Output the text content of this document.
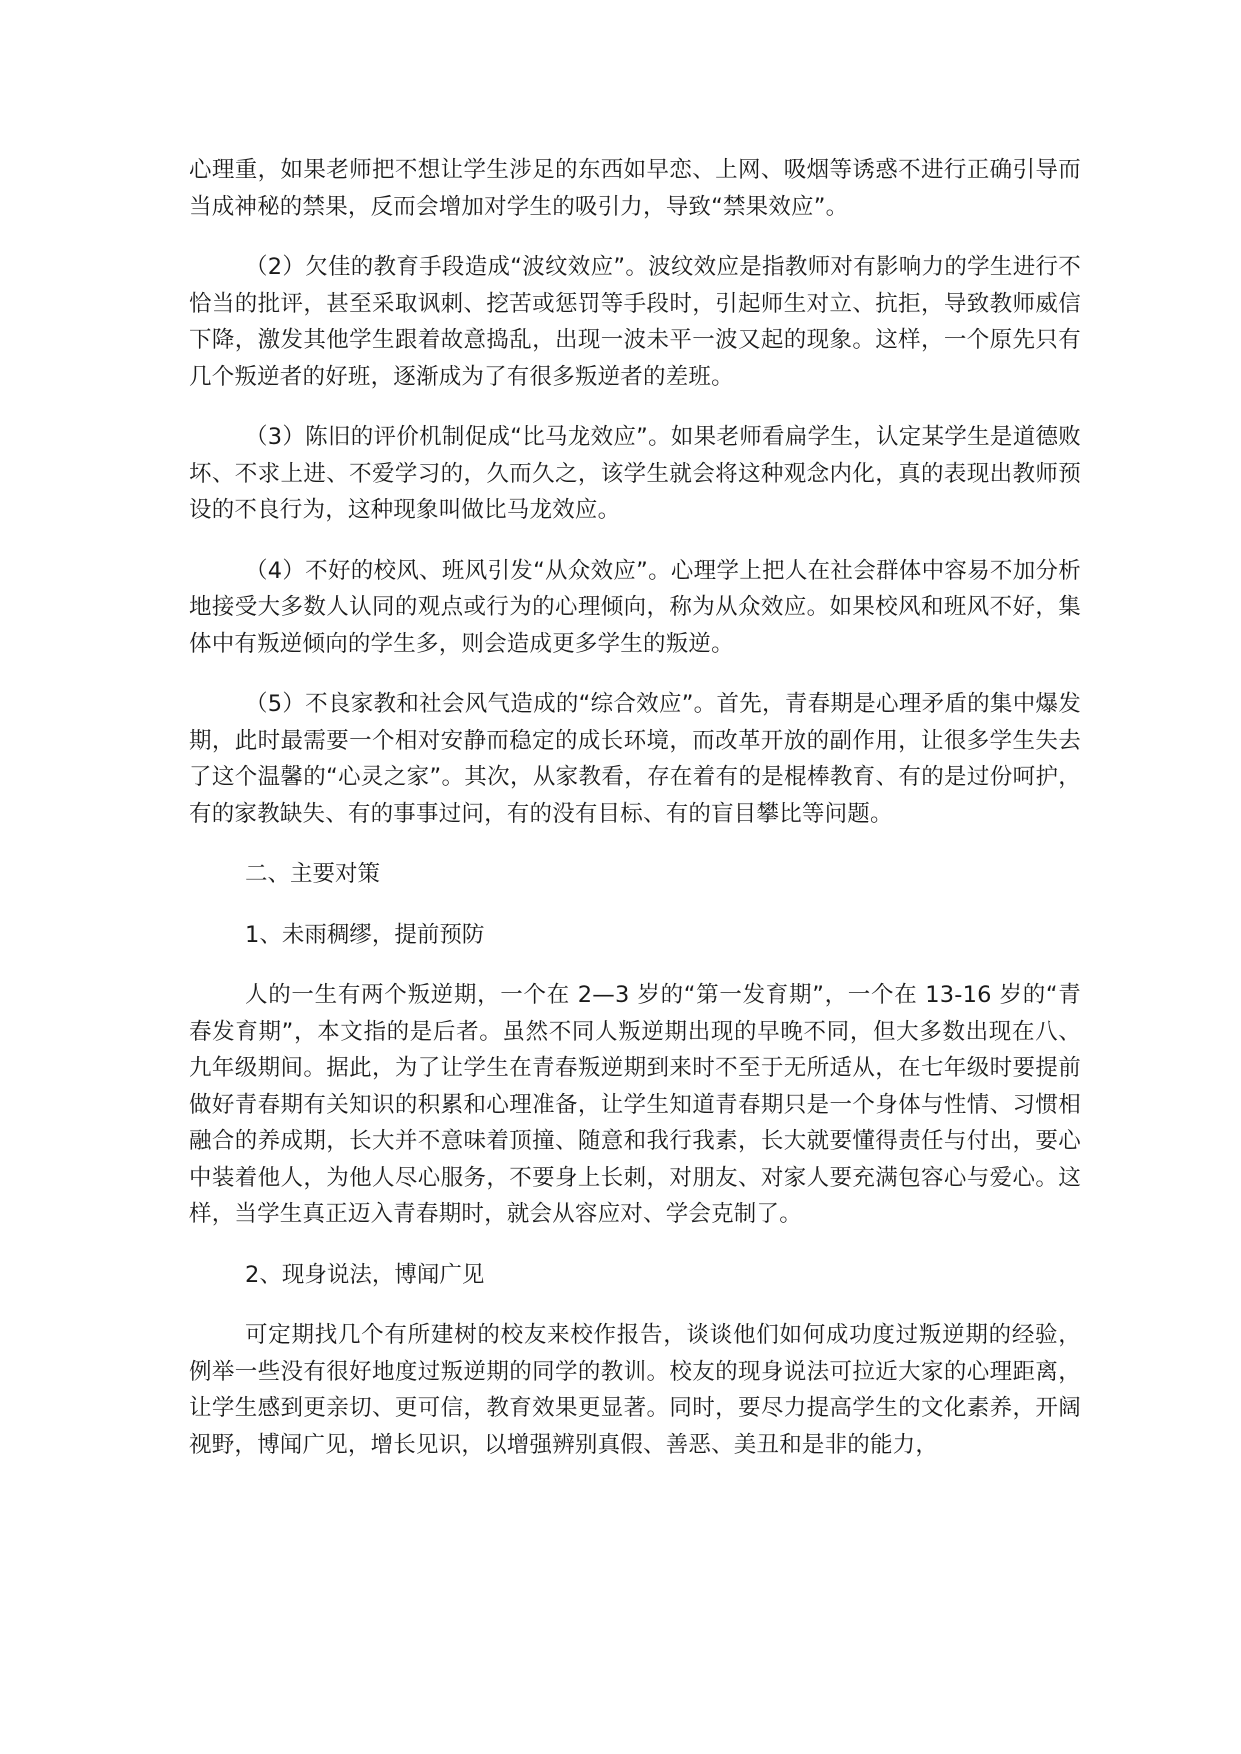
心理重，如果老师把不想让学生涉足的东西如早恋、上网、吸烟等诱惑不进行正确引导而当成神秘的禁果，反而会增加对学生的吸引力，导致“禁果效应”。

（2）欠佳的教育手段造成“波纹效应”。波纹效应是指教师对有影响力的学生进行不恰当的批评，甚至采取讽刺、挖苦或惩罚等手段时，引起师生对立、抗拒，导致教师威信下降，激发其他学生跟着故意捣乱，出现一波未平一波又起的现象。这样，一个原先只有几个叛逆者的好班，逐渐成为了有很多叛逆者的差班。

（3）陈旧的评价机制促成“比马龙效应”。如果老师看扁学生，认定某学生是道德败坏、不求上进、不爱学习的，久而久之，该学生就会将这种观念内化，真的表现出教师预设的不良行为，这种现象叫做比马龙效应。

（4）不好的校风、班风引发“从众效应”。心理学上把人在社会群体中容易不加分析地接受大多数人认同的观点或行为的心理倾向，称为从众效应。如果校风和班风不好，集体中有叛逆倾向的学生多，则会造成更多学生的叛逆。

（5）不良家教和社会风气造成的“综合效应”。首先，青春期是心理矛盾的集中爆发期，此时最需要一个相对安静而稳定的成长环境，而改革开放的副作用，让很多学生失去了这个温馨的“心灵之家”。其次，从家教看，存在着有的是棍棒教育、有的是过份呵护，有的家教缺失、有的事事过问，有的没有目标、有的盲目攀比等问题。

二、主要对策
1、未雨稠缪，提前预防

人的一生有两个叛逆期，一个在 2—3 岁的“第一发育期”，一个在 13-16 岁的“青春发育期”，本文指的是后者。虽然不同人叛逆期出现的早晚不同，但大多数出现在八、九年级期间。据此，为了让学生在青春叛逆期到来时不至于无所适从，在七年级时要提前做好青春期有关知识的积累和心理准备，让学生知道青春期只是一个身体与性情、习惯相融合的养成期，长大并不意味着顶撞、随意和我行我素，长大就要懂得责任与付出，要心中装着他人，为他人尽心服务，不要身上长刺，对朋友、对家人要充满包容心与爱心。这样，当学生真正迈入青春期时，就会从容应对、学会克制了。

2、现身说法，博闻广见

可定期找几个有所建树的校友来校作报告，谈谈他们如何成功度过叛逆期的经验，例举一些没有很好地度过叛逆期的同学的教训。校友的现身说法可拉近大家的心理距离，让学生感到更亲切、更可信，教育效果更显著。同时，要尽力提高学生的文化素养，开阔视野，博闻广见，增长见识，以增强辨别真假、善恶、美丑和是非的能力，
